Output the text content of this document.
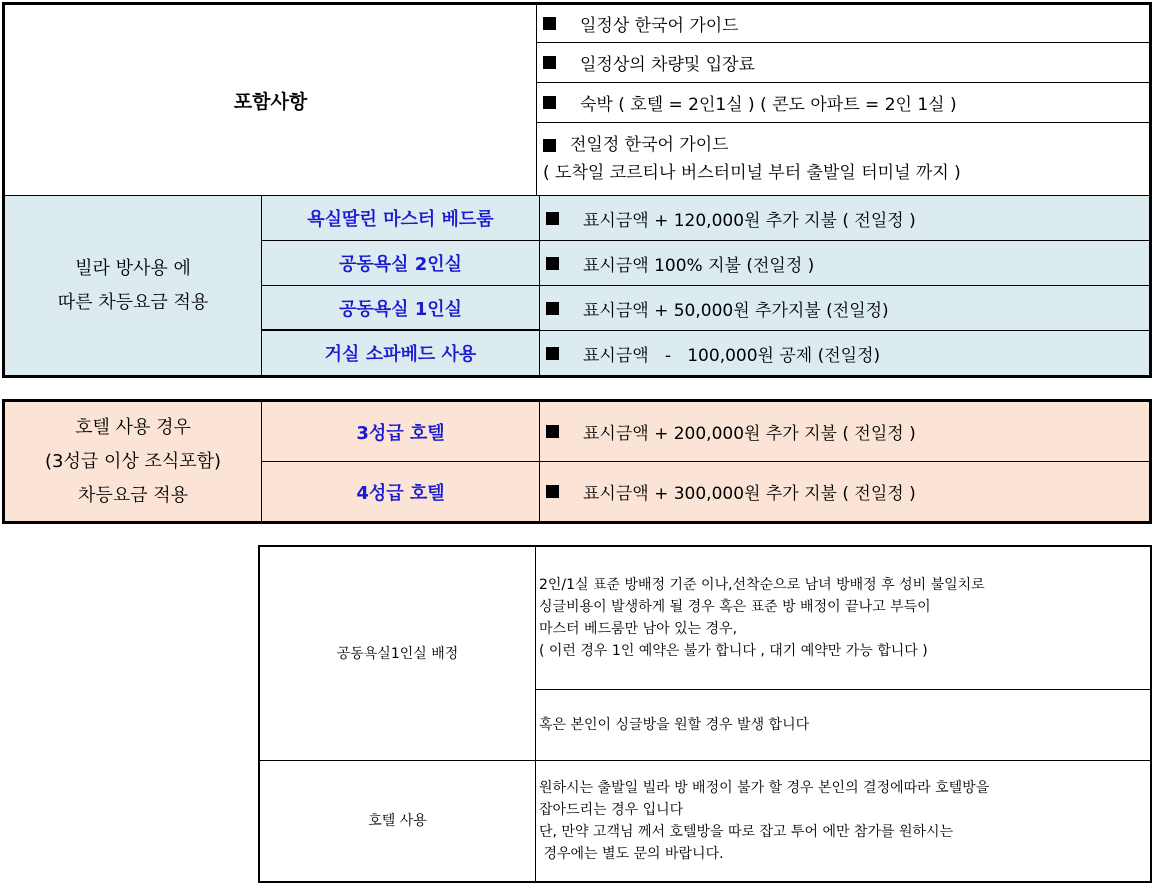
포함사항
일정상 한국어 가이드
일정상의 차량및 입장료
숙박 ( 호텔 = 2인1실 ) ( 콘도 아파트 = 2인 1실 )
전일정 한국어 가이드
( 도착일 코르티나 버스터미널 부터 출발일 터미널 까지 )
빌라 방사용 에
따른 차등요금 적용
욕실딸린 마스터 베드룸
공동욕실 2인실
공동욕실 1인실
거실 소파베드 사용
표시금액 + 120,000원 추가 지불 ( 전일정 )
표시금액 100% 지불 (전일정 )
표시금액 + 50,000원 추가지불 (전일정)
표시금액   -   100,000원 공제 (전일정)
호텔 사용 경우
(3성급 이상 조식포함)
차등요금 적용
3성급 호텔
4성급 호텔
표시금액 + 200,000원 추가 지불 ( 전일정 )
표시금액 + 300,000원 추가 지불 ( 전일정 )
공동욕실1인실 배정
2인/1실 표준 방배정 기준 이나,선착순으로 남녀 방배정 후 성비 불일치로
싱글비용이 발생하게 될 경우 혹은 표준 방 배정이 끝나고 부득이
마스터 베드룸만 남아 있는 경우,
( 이런 경우 1인 예약은 불가 합니다 , 대기 예약만 가능 합니다 )
혹은 본인이 싱글방을 원할 경우 발생 합니다
호텔 사용
원하시는 출발일 빌라 방 배정이 불가 할 경우 본인의 결정에따라 호텔방을
잡아드리는 경우 입니다
단, 만약 고객님 께서 호텔방을 따로 잡고 투어 에만 참가를 원하시는
경우에는 별도 문의 바랍니다.
